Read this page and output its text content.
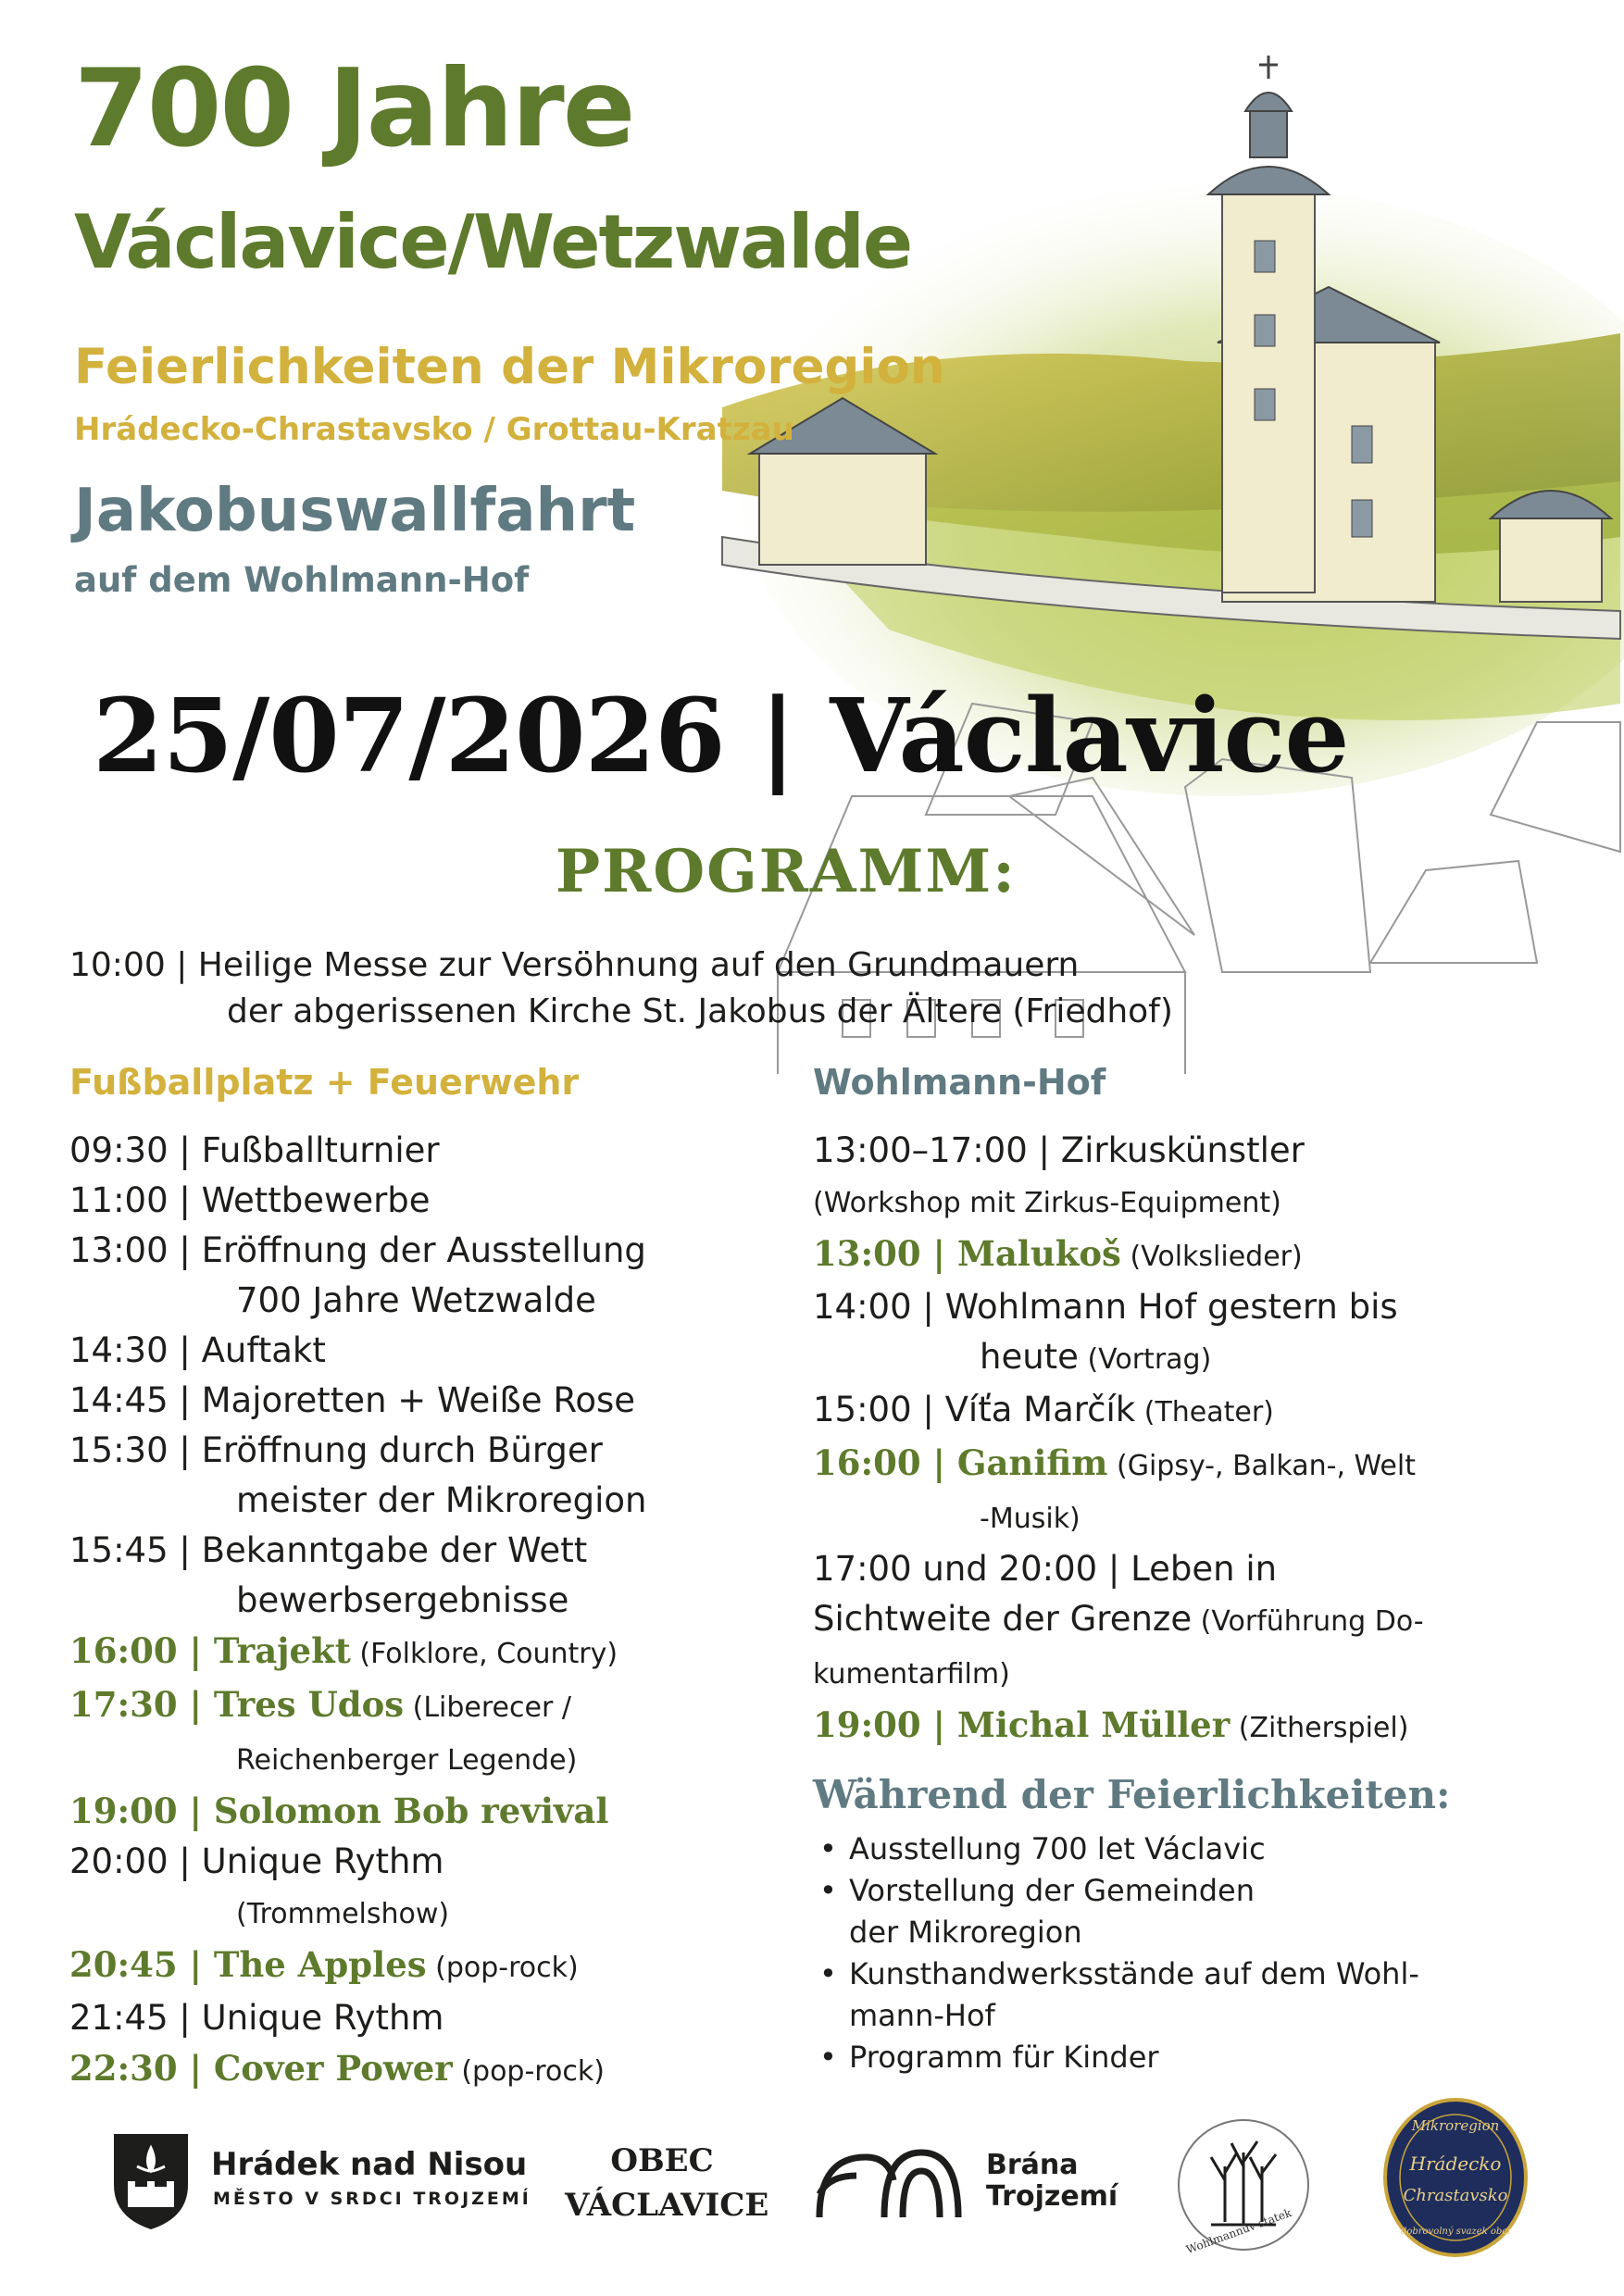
700 Jahre
Václavice/Wetzwalde
Feierlichkeiten der Mikroregion
Hrádecko-Chrastavsko / Grottau-Kratzau
Jakobuswallfahrt
auf dem Wohlmann-Hof
25/07/2026 | Václavice
PROGRAMM:
10:00 | Heilige Messe zur Versöhnung auf den Grundmauern
der abgerissenen Kirche St. Jakobus der Ältere (Friedhof)
Fußballplatz + Feuerwehr
09:30 | Fußballturnier
11:00 | Wettbewerbe
13:00 | Eröffnung der Ausstellung
700 Jahre Wetzwalde
14:30 | Auftakt
14:45 | Majoretten + Weiße Rose
15:30 | Eröffnung durch Bürger
meister der Mikroregion
15:45 | Bekanntgabe der Wett
bewerbsergebnisse
16:00 | Trajekt (Folklore, Country)
17:30 | Tres Udos (Liberecer /
Reichenberger Legende)
19:00 | Solomon Bob revival
20:00 | Unique Rythm
(Trommelshow)
20:45 | The Apples (pop-rock)
21:45 | Unique Rythm
22:30 | Cover Power (pop-rock)
Wohlmann-Hof
13:00–17:00 | Zirkuskünstler
(Workshop mit Zirkus-Equipment)
13:00 | Malukoš (Volkslieder)
14:00 | Wohlmann Hof gestern bis
heute (Vortrag)
15:00 | Víťa Marčík (Theater)
16:00 | Ganifim (Gipsy-, Balkan-, Welt
-Musik)
17:00 und 20:00 | Leben in
Sichtweite der Grenze (Vorführung Do-
kumentarfilm)
19:00 | Michal Müller (Zitherspiel)
Während der Feierlichkeiten:
• Ausstellung 700 let Václavic
• Vorstellung der Gemeinden
der Mikroregion
• Kunsthandwerksstände auf dem Wohl-
mann-Hof
• Programm für Kinder
Hrádek nad Nisou
MĚSTO V SRDCI TROJZEMÍ
OBEC
VÁCLAVICE
Brána
Trojzemí
Wohlmannův statek
Mikroregion
Hrádecko
Chrastavsko
dobrovolný svazek obcí
